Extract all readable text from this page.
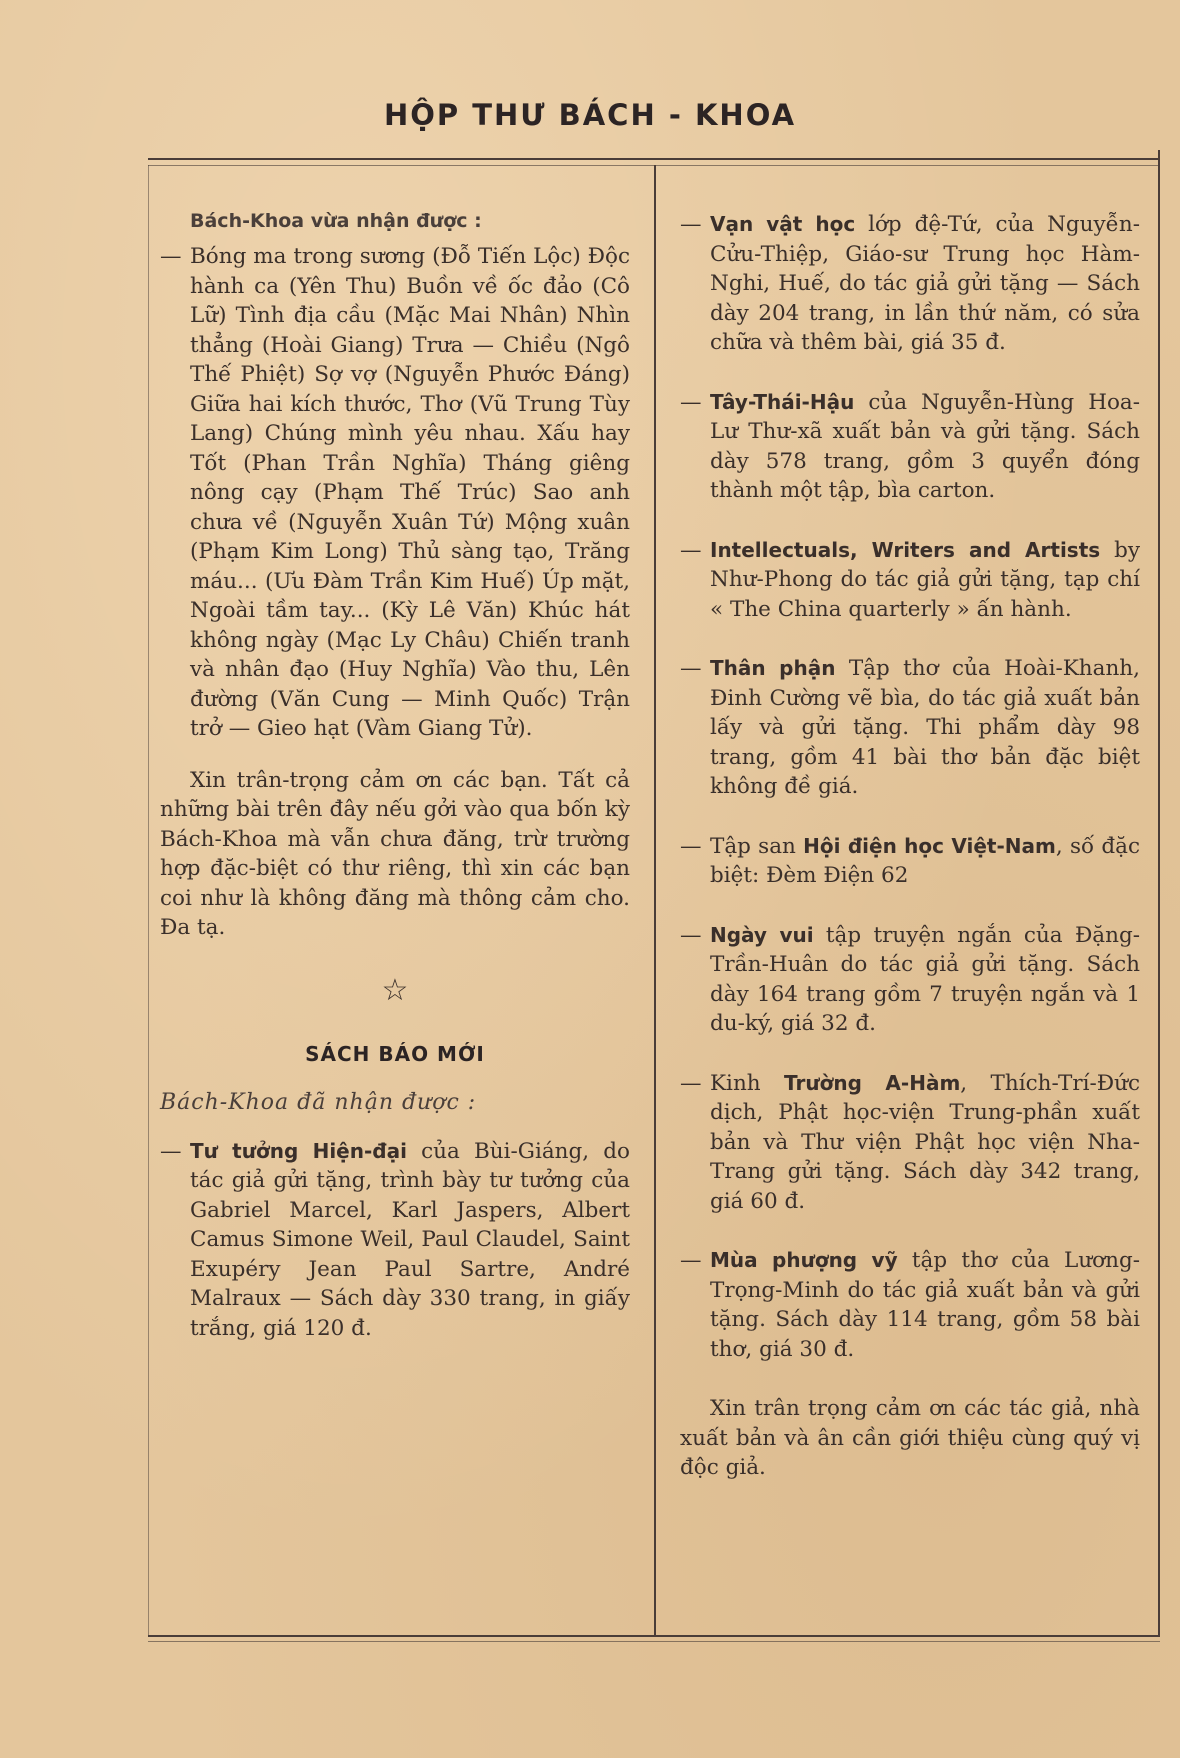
HỘP THƯ BÁCH - KHOA
Bách-Khoa vừa nhận được :
— Bóng ma trong sương (Đỗ Tiến Lộc) Độc hành ca (Yên Thu) Buồn về ốc đảo (Cô Lữ) Tình địa cầu (Mặc Mai Nhân) Nhìn thẳng (Hoài Giang) Trưa — Chiều (Ngô Thế Phiệt) Sợ vợ (Nguyễn Phước Đáng) Giữa hai kích thước, Thơ (Vũ Trung Tùy Lang) Chúng mình yêu nhau. Xấu hay Tốt (Phan Trần Nghĩa) Tháng giêng nông cạy (Phạm Thế Trúc) Sao anh chưa về (Nguyễn Xuân Tứ) Mộng xuân (Phạm Kim Long) Thủ sàng tạo, Trăng máu... (Ưu Đàm Trần Kim Huế) Úp mặt, Ngoài tầm tay... (Kỳ Lê Văn) Khúc hát không ngày (Mạc Ly Châu) Chiến tranh và nhân đạo (Huy Nghĩa) Vào thu, Lên đường (Văn Cung — Minh Quốc) Trận trở — Gieo hạt (Vàm Giang Tử).

Xin trân-trọng cảm ơn các bạn. Tất cả những bài trên đây nếu gởi vào qua bốn kỳ Bách-Khoa mà vẫn chưa đăng, trừ trường hợp đặc-biệt có thư riêng, thì xin các bạn coi như là không đăng mà thông cảm cho. Đa tạ.

☆
SÁCH BÁO MỚI
Bách-Khoa đã nhận được :
— Tư tưởng Hiện-đại của Bùi-Giáng, do tác giả gửi tặng, trình bày tư tưởng của Gabriel Marcel, Karl Jaspers, Albert Camus Simone Weil, Paul Claudel, Saint Exupéry Jean Paul Sartre, André Malraux — Sách dày 330 trang, in giấy trắng, giá 120 đ.
— Vạn vật học lớp đệ-Tứ, của Nguyễn-Cửu-Thiệp, Giáo-sư Trung học Hàm-Nghi, Huế, do tác giả gửi tặng — Sách dày 204 trang, in lần thứ năm, có sửa chữa và thêm bài, giá 35 đ.
— Tây-Thái-Hậu của Nguyễn-Hùng Hoa-Lư Thư-xã xuất bản và gửi tặng. Sách dày 578 trang, gồm 3 quyển đóng thành một tập, bìa carton.
— Intellectuals, Writers and Artists by Như-Phong do tác giả gửi tặng, tạp chí « The China quarterly » ấn hành.
— Thân phận Tập thơ của Hoài-Khanh, Đinh Cường vẽ bìa, do tác giả xuất bản lấy và gửi tặng. Thi phẩm dày 98 trang, gồm 41 bài thơ bản đặc biệt không đề giá.
— Tập san Hội điện học Việt-Nam, số đặc biệt: Đèm Điện 62
— Ngày vui tập truyện ngắn của Đặng-Trần-Huân do tác giả gửi tặng. Sách dày 164 trang gồm 7 truyện ngắn và 1 du-ký, giá 32 đ.
— Kinh Trường A-Hàm, Thích-Trí-Đức dịch, Phật học-viện Trung-phần xuất bản và Thư viện Phật học viện Nha-Trang gửi tặng. Sách dày 342 trang, giá 60 đ.
— Mùa phượng vỹ tập thơ của Lương-Trọng-Minh do tác giả xuất bản và gửi tặng. Sách dày 114 trang, gồm 58 bài thơ, giá 30 đ.

Xin trân trọng cảm ơn các tác giả, nhà xuất bản và ân cần giới thiệu cùng quý vị độc giả.
